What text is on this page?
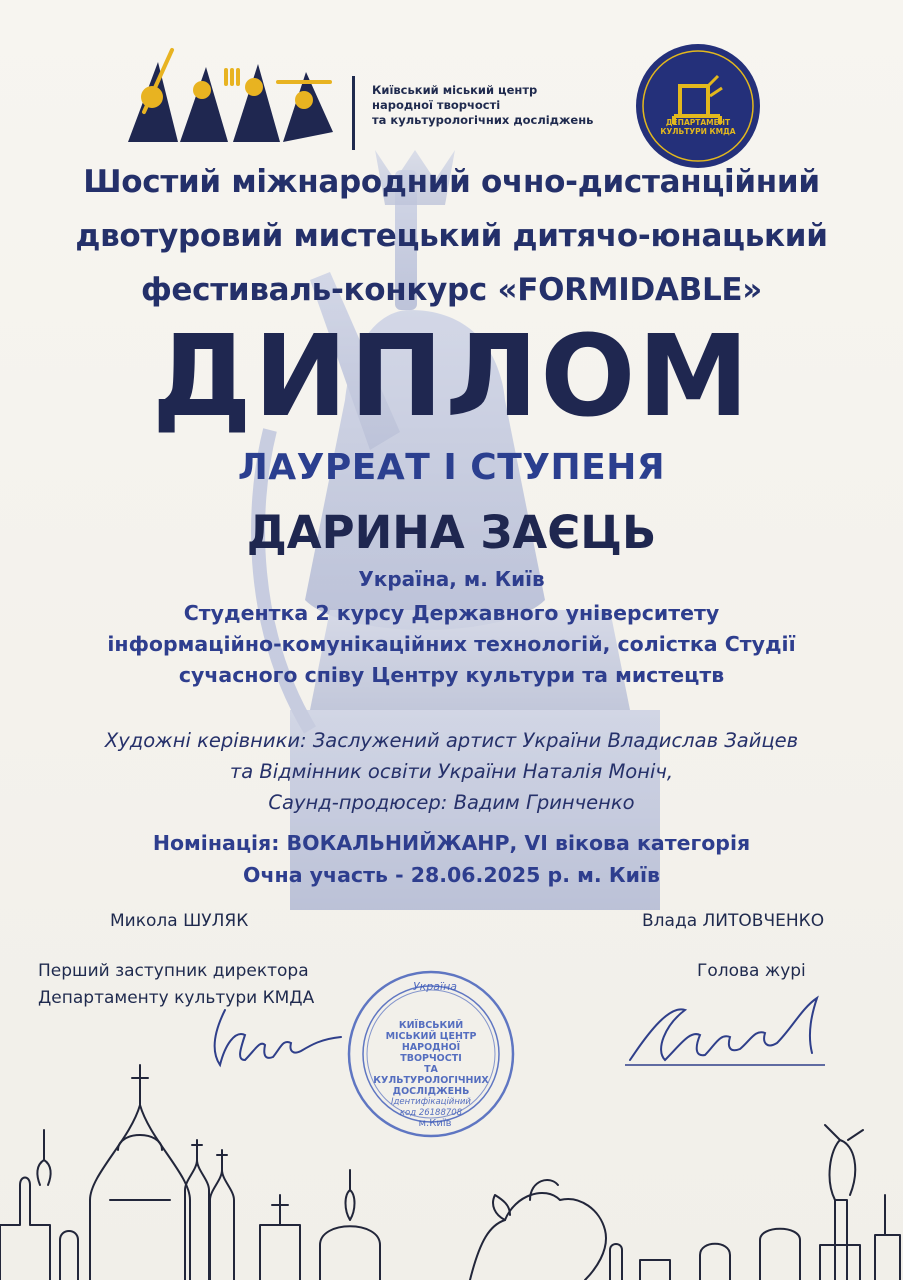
Київський міський центр
народної творчості
та культурологічних досліджень	ДЕПАРТАМЕНТ КУЛЬТУРИ КМДА
Шостий міжнародний очно-дистанційний
двотуровий мистецький дитячо-юнацький
фестиваль-конкурс «FORMIDABLE»
ДИПЛОМ
ЛАУРЕАТ І СТУПЕНЯ
ДАРИНА ЗАЄЦЬ
Україна, м. Київ
Студентка 2 курсу Державного університету
інформаційно-комунікаційних технологій, солістка Студії
сучасного співу Центру культури та мистецтв
Художні керівники: Заслужений артист України Владислав Зайцев
та Відмінник освіти України Наталія Моніч,
Саунд-продюсер: Вадим Гринченко
Номінація: ВОКАЛЬНИЙЖАНР, VI вікова категорія
Очна участь - 28.06.2025 р. м. Київ
Микола ШУЛЯК
Перший заступник директора
Департаменту культури КМДА
Влада ЛИТОВЧЕНКО
Голова журі
Україна
КИЇВСЬКИЙ
МІСЬКИЙ ЦЕНТР
НАРОДНОЇ ТВОРЧОСТІ
ТА КУЛЬТУРОЛОГІЧНИХ
ДОСЛІДЖЕНЬ
Ідентифікаційний
код 26188708
м.Київ
